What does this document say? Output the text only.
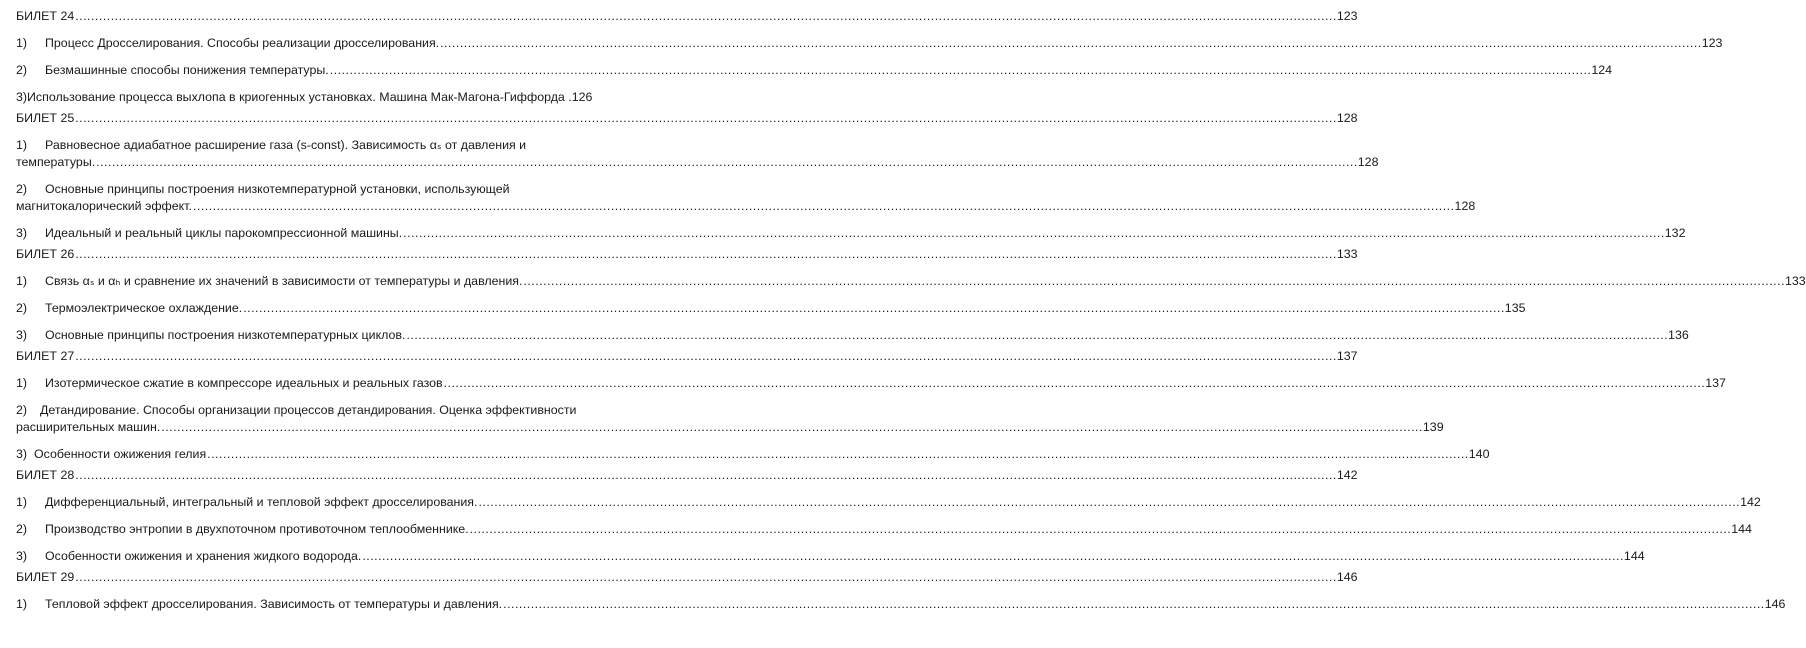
БИЛЕТ 24 .....	123
1)	Процесс Дросселирования. Способы реализации дросселирования. .....	123
2)	Безмашинные способы понижения температуры. .....	124
3) Использование процесса выхлопа в криогенных установках. Машина Мак-Магона-Гиффорда . 126
БИЛЕТ 25 .....	128
1) Равновесное адиабатное расширение газа (s-const). Зависимость αₛ от давления и
температуры. .....	128
2) Основные принципы построения низкотемпературной установки, использующей
магнитокалорический эффект. .....	128
3)	Идеальный и реальный циклы парокомпрессионной машины. .....	132
БИЛЕТ 26 .....	133
1)	Связь αₛ и αₕ и сравнение их значений в зависимости от температуры и давления. .....	133
2)	Термоэлектрическое охлаждение. .....	135
3)	Основные принципы построения низкотемпературных циклов. .....	136
БИЛЕТ 27 .....	137
1)	Изотермическое сжатие в компрессоре идеальных и реальных газов .....	137
2) Детандирование. Способы организации процессов детандирования. Оценка эффективности
расширительных машин. .....	139
3) Особенности ожижения гелия .....	140
БИЛЕТ 28 .....	142
1)	Дифференциальный, интегральный и тепловой эффект дросселирования. .....	142
2)	Производство энтропии в двухпоточном противоточном теплообменнике. .....	144
3)	Особенности ожижения и хранения жидкого водорода. .....	144
БИЛЕТ 29 .....	146
1)	Тепловой эффект дросселирования. Зависимость от температуры и давления. .....	146
